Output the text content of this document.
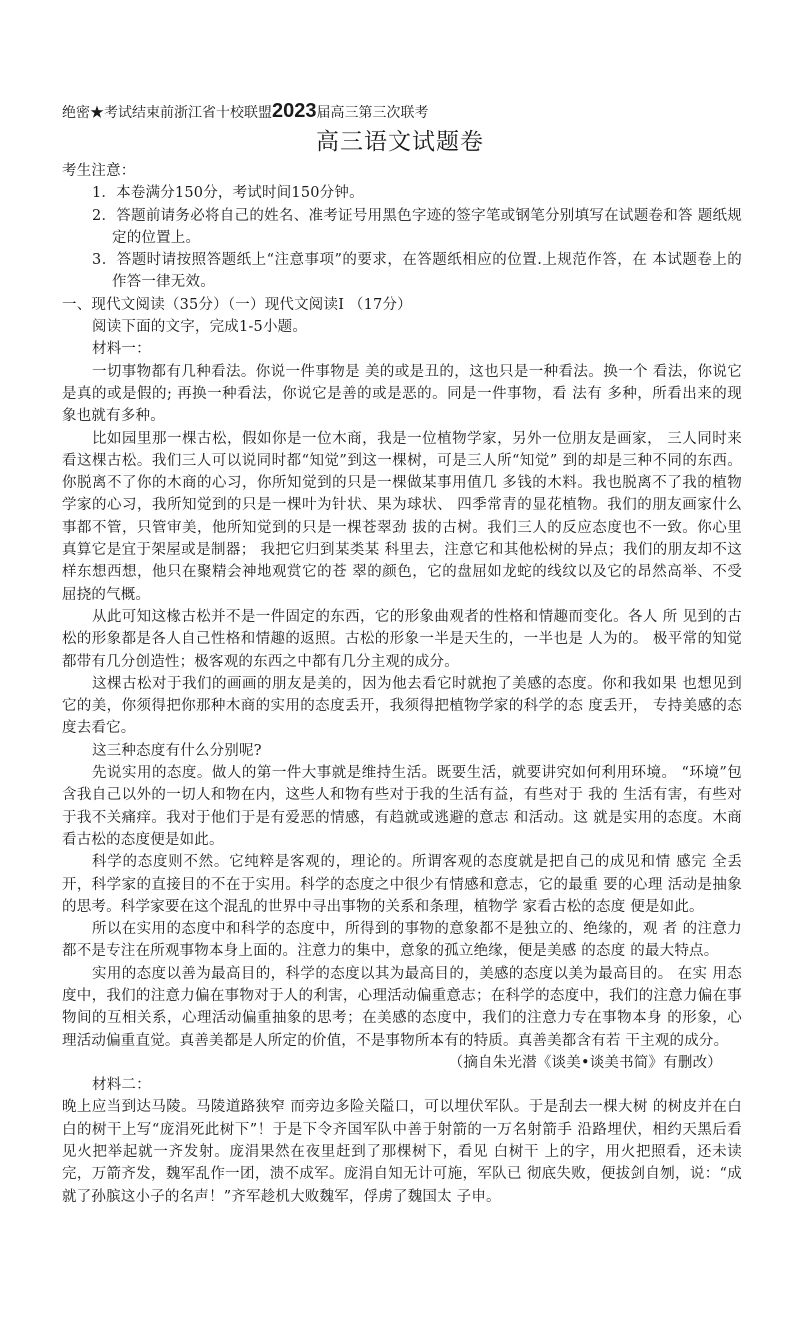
绝密★考试结束前浙江省十校联盟2023届高三第三次联考
高三语文试题卷

考生注意：

1．本卷满分150分，考试时间150分钟。

2．答题前请务必将自己的姓名、准考证号用黑色字迹的签字笔或钢笔分别填写在试题卷和答 题纸规定的位置上。

3．答题时请按照答题纸上“注意事项”的要求，在答题纸相应的位置.上规范作答，在 本试题卷上的作答一律无效。

一、现代文阅读（35分）（一）现代文阅读I （17分）

阅读下面的文字，完成1-5小题。

材料一：

一切事物都有几种看法。你说一件事物是 美的或是丑的，这也只是一种看法。换一个 看法，你说它是真的或是假的; 再换一种看法，你说它是善的或是恶的。同是一件事物，看 法有 多种，所看出来的现象也就有多种。

比如园里那一棵古松，假如你是一位木商，我是一位植物学家，另外一位朋友是画家， 三人同时来看这棵古松。我们三人可以说同时都“知觉”到这一棵树，可是三人所“知觉” 到的却是三种不同的东西。你脱离不了你的木商的心习，你所知觉到的只是一棵做某事用值几 多钱的木料。我也脱离不了我的植物学家的心习，我所知觉到的只是一棵叶为针状、果为球状、 四季常青的显花植物。我们的朋友画家什么事都不管，只管审美，他所知觉到的只是一棵苍翠劲 拔的古树。我们三人的反应态度也不一致。你心里真算它是宜于架屋或是制器； 我把它归到某类某 科里去，注意它和其他松树的异点；我们的朋友却不这样东想西想，他只在聚精会神地观赏它的苍 翠的颜色，它的盘屈如龙蛇的线纹以及它的昂然高举、不受屈挠的气概。

从此可知这椽古松并不是一件固定的东西，它的形象曲观者的性格和情趣而变化。各人 所 见到的古松的形象都是各人自己性格和情趣的返照。古松的形象一半是天生的，一半也是 人为的。 极平常的知觉都带有几分创造性；极客观的东西之中都有几分主观的成分。

这棵古松对于我们的画画的朋友是美的，因为他去看它时就抱了美感的态度。你和我如果 也想见到它的美，你须得把你那种木商的实用的态度丢开，我须得把植物学家的科学的态 度丢开， 专持美感的态度去看它。

这三种态度有什么分别呢?

先说实用的态度。做人的第一件大事就是维持生活。既要生活，就要讲究如何利用环境。 “环境”包含我自己以外的一切人和物在内，这些人和物有些对于我的生活有益，有些对于 我的 生活有害，有些对于我不关痛痒。我对于他们于是有爱恶的情感，有趋就或逃避的意志 和活动。这 就是实用的态度。木商看古松的态度便是如此。

科学的态度则不然。它纯粹是客观的，理论的。所谓客观的态度就是把自己的成见和情 感完 全丢开，科学家的直接目的不在于实用。科学的态度之中很少有情感和意志，它的最重 要的心理 活动是抽象的思考。科学家要在这个混乱的世界中寻出事物的关系和条理，植物学 家看古松的态度 便是如此。

所以在实用的态度中和科学的态度中，所得到的事物的意象都不是独立的、绝缘的，观 者 的注意力都不是专注在所观事物本身上面的。注意力的集中，意象的孤立绝缘，便是美感 的态度 的最大特点。

实用的态度以善为最高目的，科学的态度以其为最高目的，美感的态度以美为最高目的。 在实 用态度中，我们的注意力偏在事物对于人的利害，心理活动偏重意志；在科学的态度中，我们的注意力偏在事物间的互相关系，心理活动偏重抽象的思考；在美感的态度中，我们的注意力专在事物本身 的形象，心理活动偏重直觉。真善美都是人所定的价值，不是事物所本有的特质。真善美都含有若 干主观的成分。

（摘自朱光潜《谈美•谈美书简》有删改）

材料二：

晚上应当到达马陵。马陵道路狭窄 而旁边多险关隘口，可以埋伏军队。于是刮去一棵大树 的树皮并在白白的树干上写“庞涓死此树下”！于是下令齐国军队中善于射箭的一万名射箭手 沿路埋伏，相约天黑后看见火把举起就一齐发射。庞涓果然在夜里赶到了那棵树下，看见 白树干 上的字，用火把照看，还未读完，万箭齐发，魏军乱作一团，溃不成军。庞涓自知无计可施，军队已 彻底失败，便拔剑自刎，说：“成就了孙膑这小子的名声！”齐军趁机大败魏军，俘虏了魏国太 子申。
